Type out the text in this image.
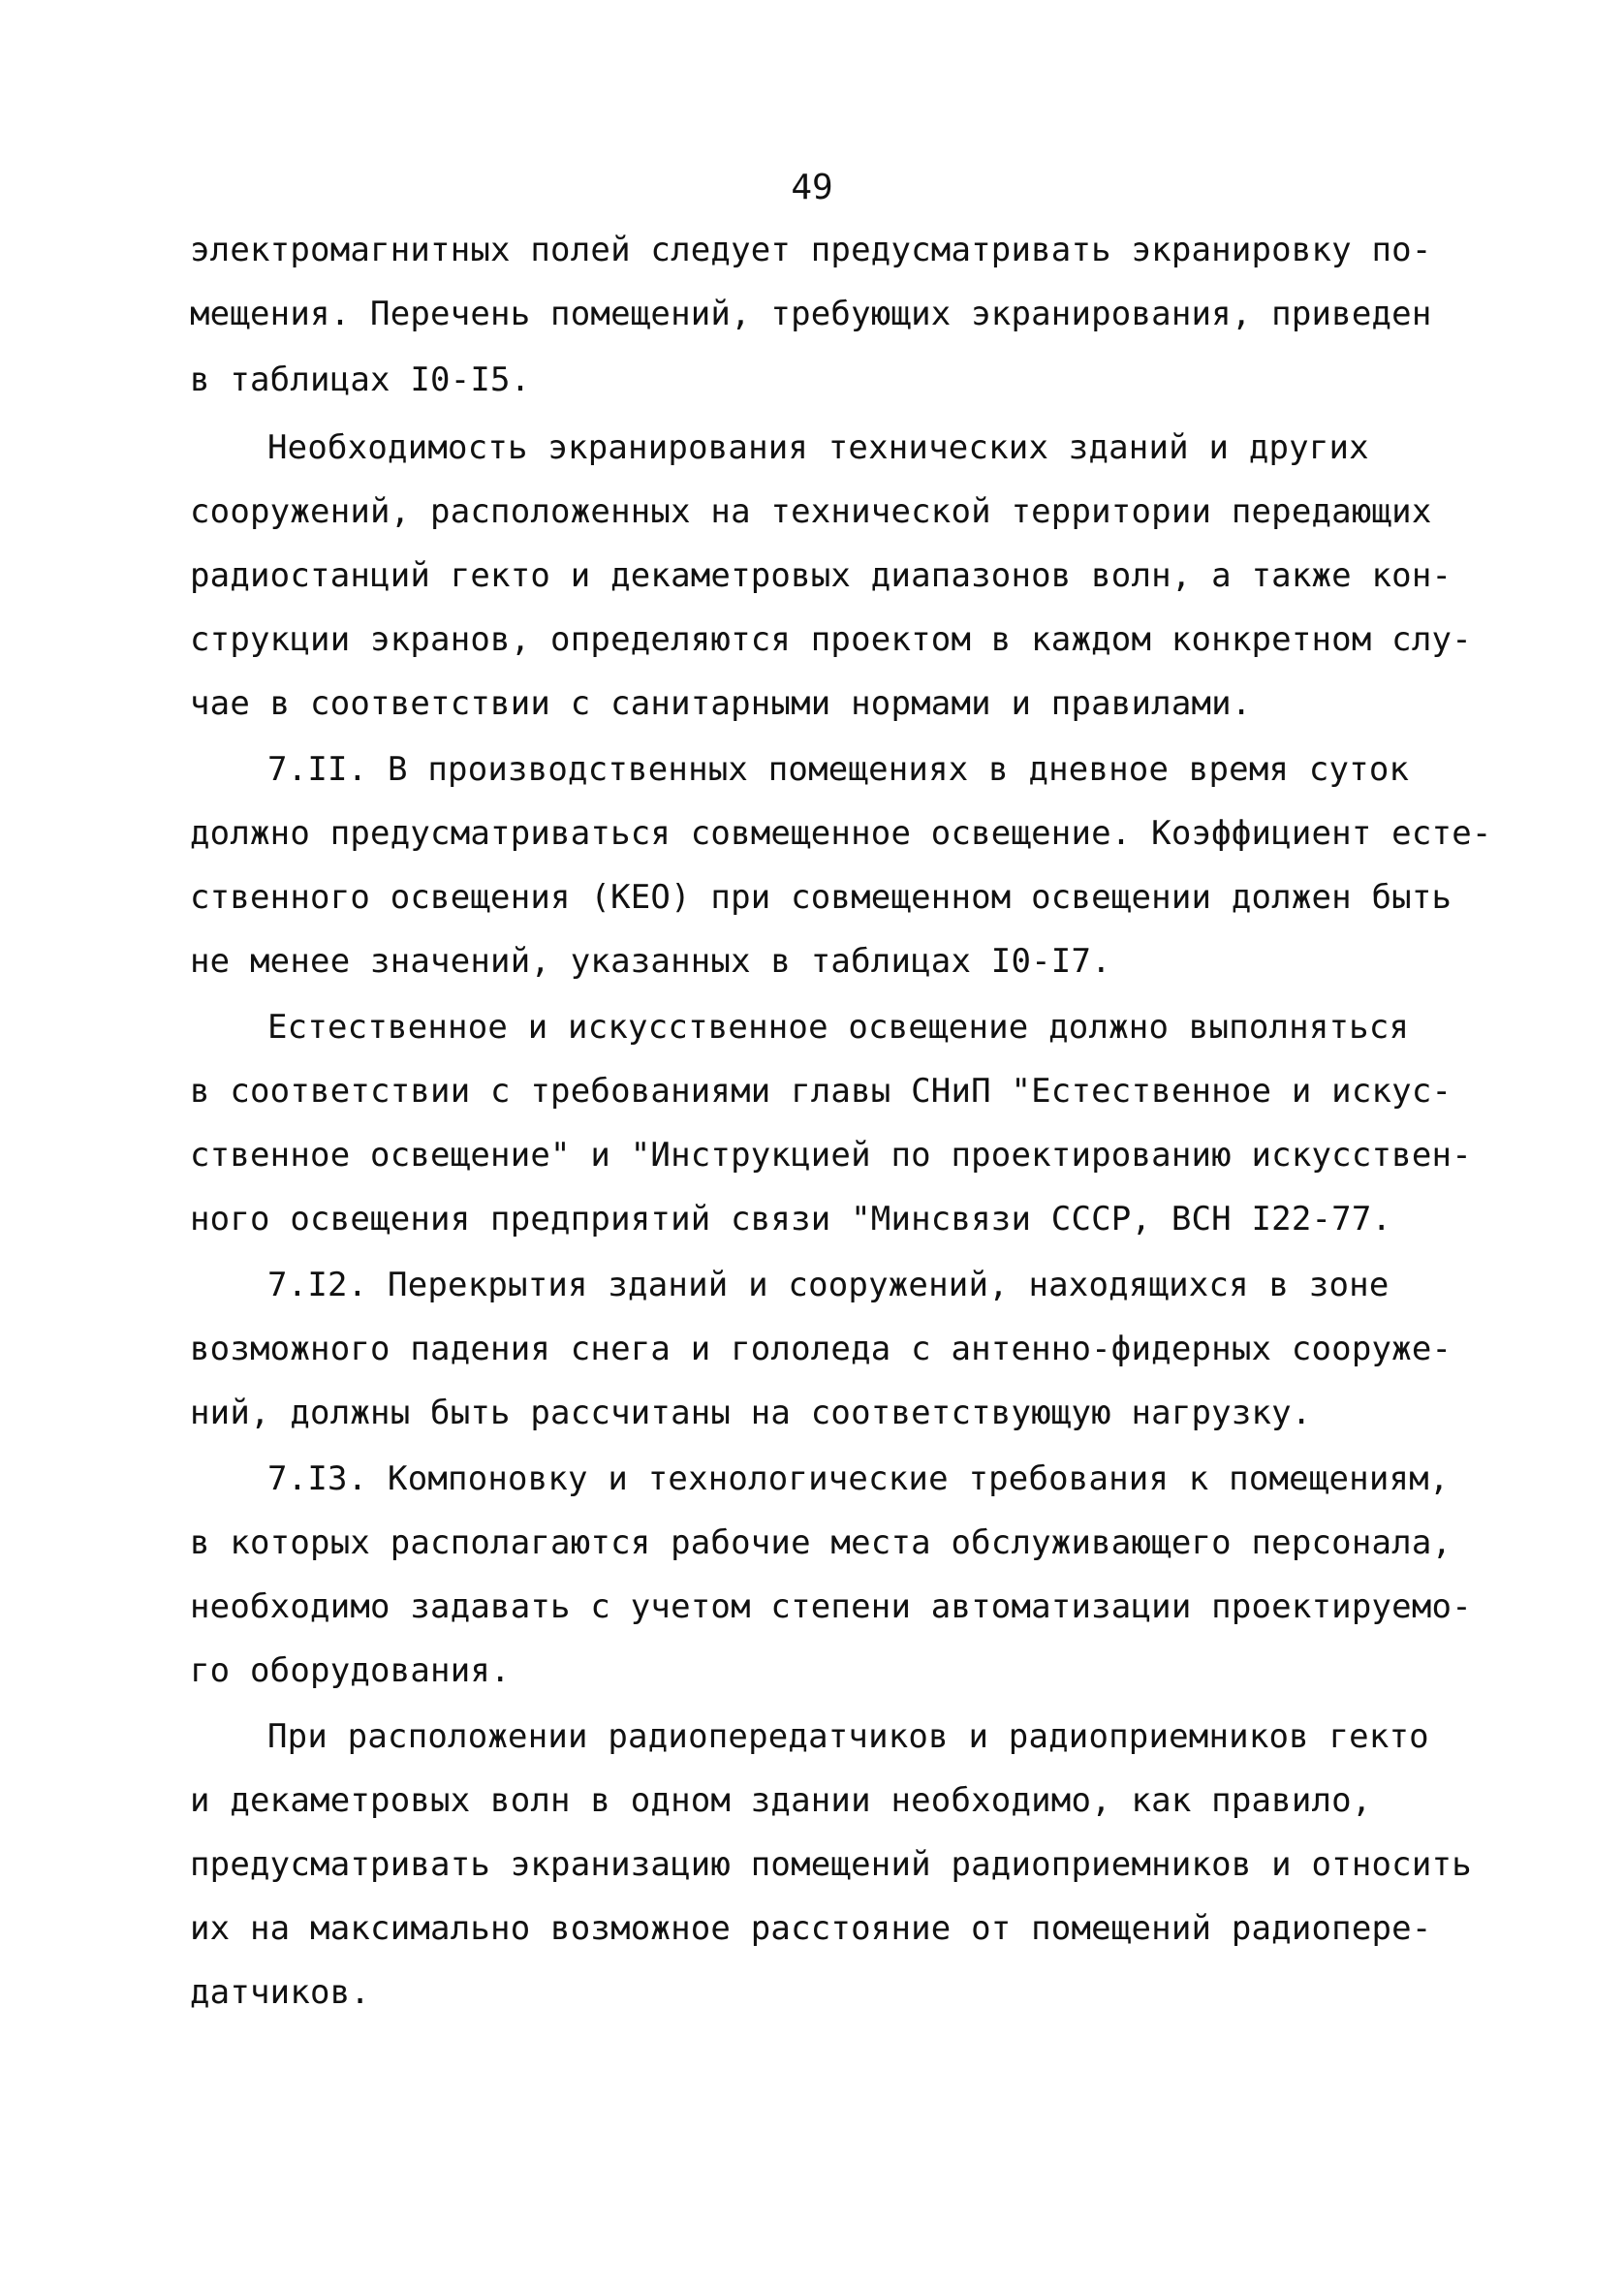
49
электромагнитных полей следует предусматривать экранировку по-
мещения. Перечень помещений, требующих экранирования, приведен
в таблицах I0-I5.
Необходимость экранирования технических зданий и других
сооружений, расположенных на технической территории передающих
радиостанций гекто и декаметровых диапазонов волн, а также кон-
струкции экранов, определяются проектом в каждом конкретном слу-
чае в соответствии с санитарными нормами и правилами.
7.II. В производственных помещениях в дневное время суток
должно предусматриваться совмещенное освещение. Коэффициент есте-
ственного освещения (КЕО) при совмещенном освещении должен быть
не менее значений, указанных в таблицах I0-I7.
Естественное и искусственное освещение должно выполняться
в соответствии с требованиями главы СНиП "Естественное и искус-
ственное освещение" и "Инструкцией по проектированию искусствен-
ного освещения предприятий связи "Минсвязи СССР, ВСН I22-77.
7.I2. Перекрытия зданий и сооружений, находящихся в зоне
возможного падения снега и гололеда с антенно-фидерных сооруже-
ний, должны быть рассчитаны на соответствующую нагрузку.
7.I3. Компоновку и технологические требования к помещениям,
в которых располагаются рабочие места обслуживающего персонала,
необходимо задавать с учетом степени автоматизации проектируемо-
го оборудования.
При расположении радиопередатчиков и радиоприемников гекто
и декаметровых волн в одном здании необходимо, как правило,
предусматривать экранизацию помещений радиоприемников и относить
их на максимально возможное расстояние от помещений радиопере-
датчиков.
